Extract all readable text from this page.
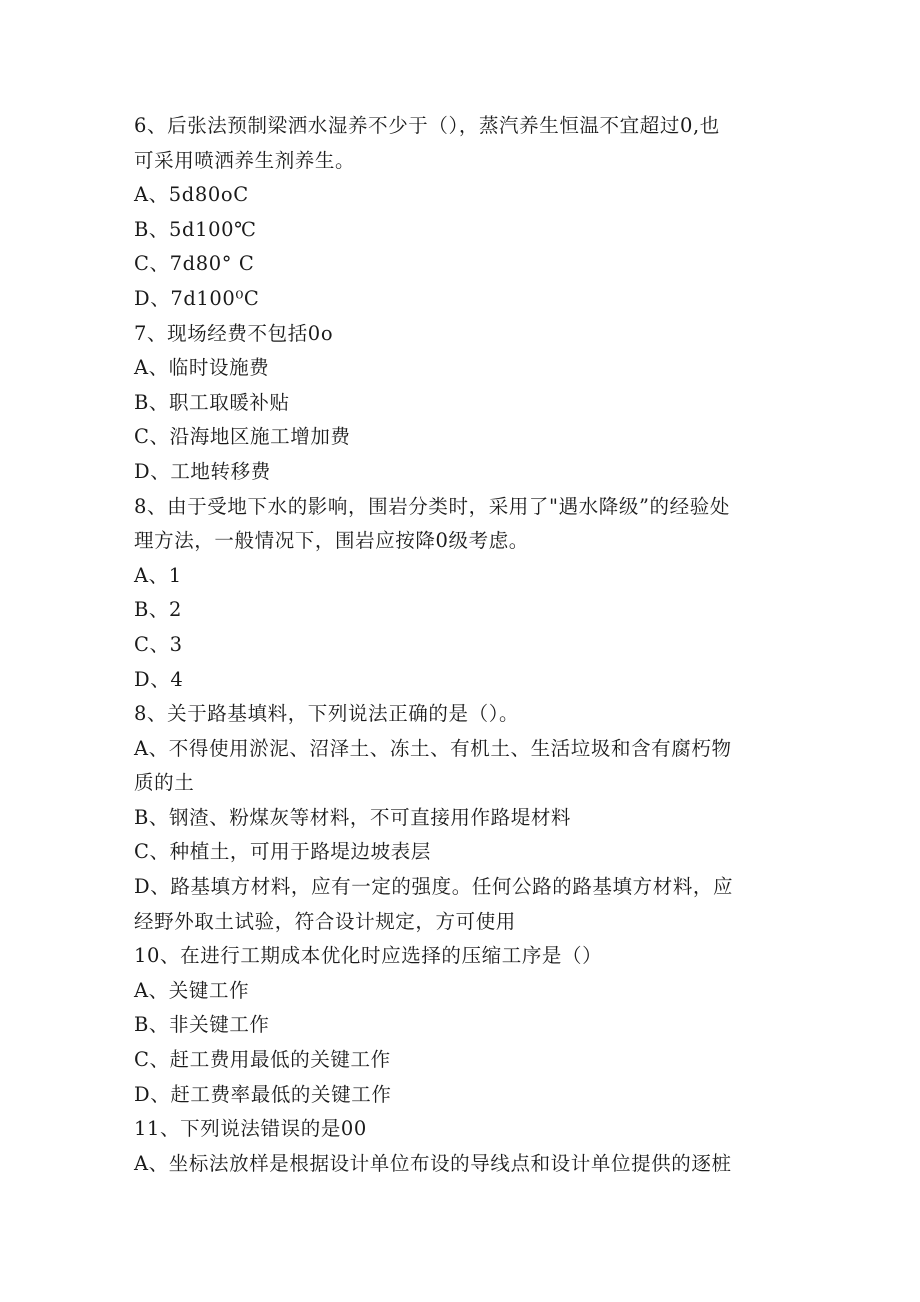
6、后张法预制梁洒水湿养不少于（），蒸汽养生恒温不宜超过0,也
可采用喷洒养生剂养生。
A、5d80oC
B、5d100℃
C、7d80° C
D、7d100⁰C
7、现场经费不包括0o
A、临时设施费
B、职工取暖补贴
C、沿海地区施工增加费
D、工地转移费
8、由于受地下水的影响，围岩分类时，采用了"遇水降级”的经验处
理方法，一般情况下，围岩应按降0级考虑。
A、1
B、2
C、3
D、4
8、关于路基填料，下列说法正确的是（）。
A、不得使用淤泥、沼泽土、冻土、有机土、生活垃圾和含有腐朽物
质的土
B、钢渣、粉煤灰等材料，不可直接用作路堤材料
C、种植土，可用于路堤边坡表层
D、路基填方材料，应有一定的强度。任何公路的路基填方材料，应
经野外取土试验，符合设计规定，方可使用
10、在进行工期成本优化时应选择的压缩工序是（）
A、关键工作
B、非关键工作
C、赶工费用最低的关键工作
D、赶工费率最低的关键工作
11、下列说法错误的是00
A、坐标法放样是根据设计单位布设的导线点和设计单位提供的逐桩
